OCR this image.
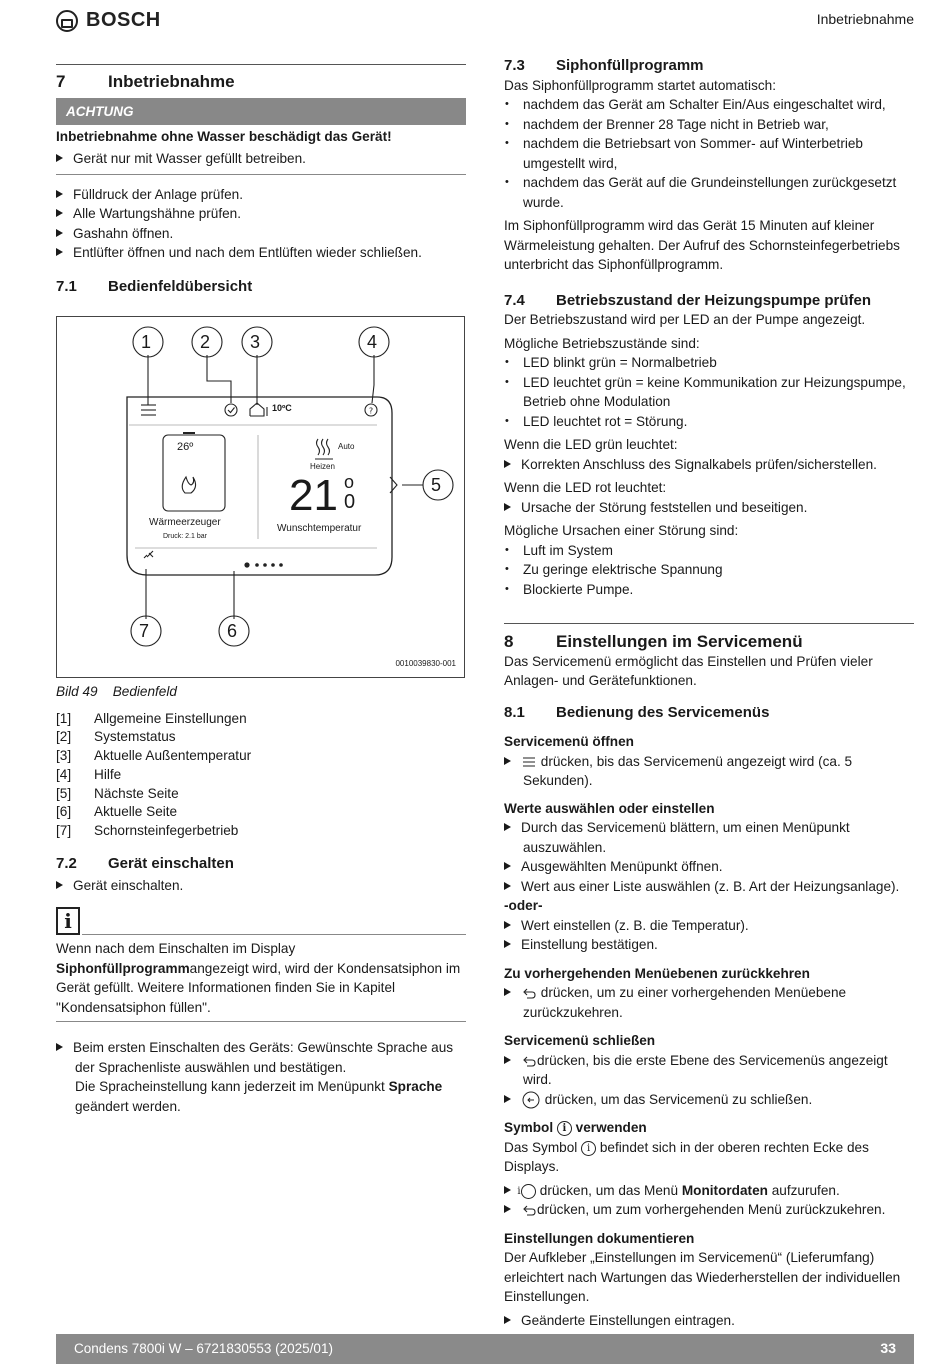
BOSCH	Inbetriebnahme
7	Inbetriebnahme
ACHTUNG
Inbetriebnahme ohne Wasser beschädigt das Gerät!
Gerät nur mit Wasser gefüllt betreiben.
Fülldruck der Anlage prüfen.
Alle Wartungshähne prüfen.
Gashahn öffnen.
Entlüfter öffnen und nach dem Entlüften wieder schließen.
7.1 Bedienfeldübersicht
?
1	2 3	4
5
7	6
10ºC
26º
Wärmeerzeuger
Druck: 2.1 bar
Auto
Heizen
21 o
0
Wunschtemperatur
0010039830-001
Bild 49 Bedienfeld
[1]	Allgemeine Einstellungen
[2]	Systemstatus
[3]	Aktuelle Außentemperatur
[4]	Hilfe
[5]	Nächste Seite
[6]	Aktuelle Seite
[7]	Schornsteinfegerbetrieb
7.2 Gerät einschalten
Gerät einschalten.
i
Wenn nach dem Einschalten im Display Siphonfüllprogrammangezeigt wird, wird der Kondensatsiphon im Gerät gefüllt. Weitere Informationen finden Sie in Kapitel "Kondensatsiphon füllen".
Beim ersten Einschalten des Geräts: Gewünschte Sprache aus der Sprachenliste auswählen und bestätigen.
Die Spracheinstellung kann jederzeit im Menüpunkt Sprache geändert werden.
7.3 Siphonfüllprogramm
Das Siphonfüllprogramm startet automatisch:
• nachdem das Gerät am Schalter Ein/Aus eingeschaltet wird,
• nachdem der Brenner 28 Tage nicht in Betrieb war,
• nachdem die Betriebsart von Sommer- auf Winterbetrieb umgestellt wird,
• nachdem das Gerät auf die Grundeinstellungen zurückgesetzt wurde.
Im Siphonfüllprogramm wird das Gerät 15 Minuten auf kleiner Wärmeleistung gehalten. Der Aufruf des Schornsteinfegerbetriebs unterbricht das Siphonfüllprogramm.
7.4 Betriebszustand der Heizungspumpe prüfen
Der Betriebszustand wird per LED an der Pumpe angezeigt.
Mögliche Betriebszustände sind:
• LED blinkt grün = Normalbetrieb
• LED leuchtet grün = keine Kommunikation zur Heizungspumpe, Betrieb ohne Modulation
• LED leuchtet rot = Störung.
Wenn die LED grün leuchtet:
Korrekten Anschluss des Signalkabels prüfen/sicherstellen.
Wenn die LED rot leuchtet:
Ursache der Störung feststellen und beseitigen.
Mögliche Ursachen einer Störung sind:
• Luft im System
• Zu geringe elektrische Spannung
• Blockierte Pumpe.
8	Einstellungen im Servicemenü
Das Servicemenü ermöglicht das Einstellen und Prüfen vieler Anlagen- und Gerätefunktionen.
8.1 Bedienung des Servicemenüs
Servicemenü öffnen
drücken, bis das Servicemenü angezeigt wird (ca. 5 Sekunden).
Werte auswählen oder einstellen
Durch das Servicemenü blättern, um einen Menüpunkt auszuwählen.
Ausgewählten Menüpunkt öffnen.
Wert aus einer Liste auswählen (z. B. Art der Heizungsanlage).
-oder-
Wert einstellen (z. B. die Temperatur).
Einstellung bestätigen.
Zu vorhergehenden Menüebenen zurückkehren
drücken, um zu einer vorhergehenden Menüebene zurückzukehren.
Servicemenü schließen
drücken, bis die erste Ebene des Servicemenüs angezeigt wird.
drücken, um das Servicemenü zu schließen.
Symbol i verwenden
Das Symbol i befindet sich in der oberen rechten Ecke des Displays.
i drücken, um das Menü Monitordaten aufzurufen.
drücken, um zum vorhergehenden Menü zurückzukehren.
Einstellungen dokumentieren
Der Aufkleber „Einstellungen im Servicemenü“ (Lieferumfang) erleichtert nach Wartungen das Wiederherstellen der individuellen Einstellungen.
Geänderte Einstellungen eintragen.
Condens 7800i W – 6721830553 (2025/01)	33
